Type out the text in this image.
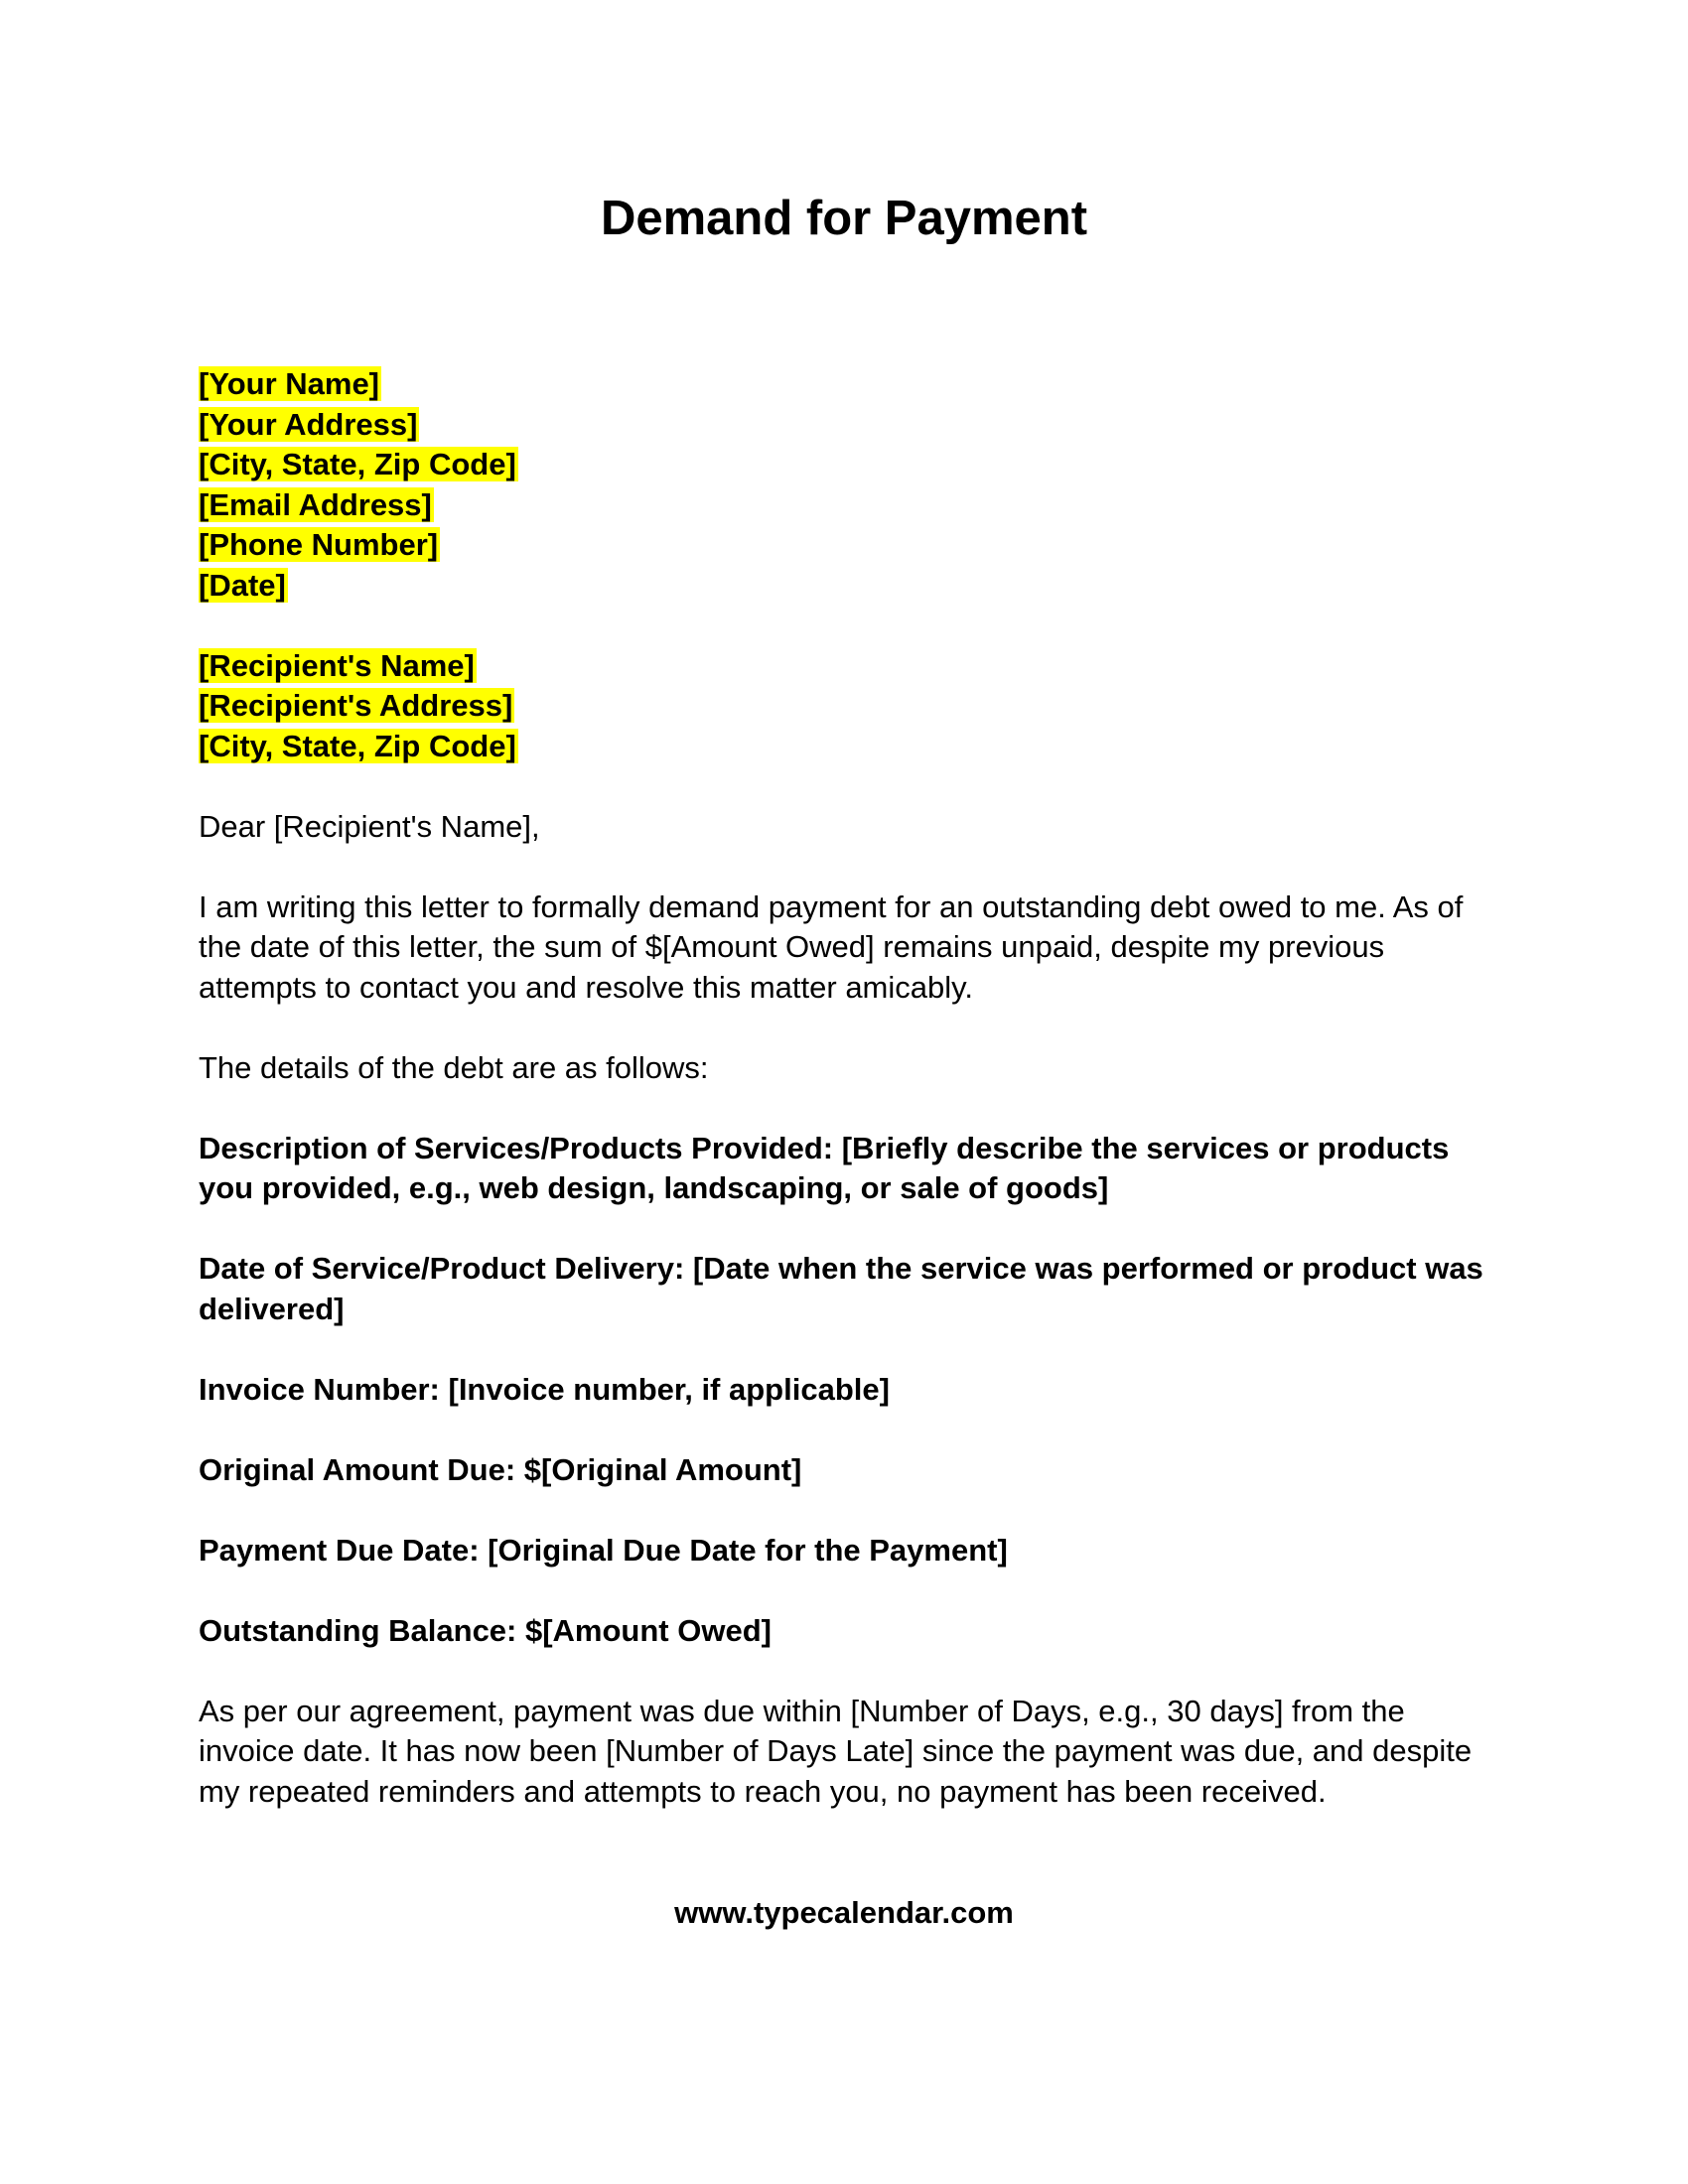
Demand for Payment
[Your Name]
[Your Address]
[City, State, Zip Code]
[Email Address]
[Phone Number]
[Date]
[Recipient's Name]
[Recipient's Address]
[City, State, Zip Code]

Dear [Recipient's Name],

I am writing this letter to formally demand payment for an outstanding debt owed to me. As of the date of this letter, the sum of $[Amount Owed] remains unpaid, despite my previous attempts to contact you and resolve this matter amicably.

The details of the debt are as follows:

Description of Services/Products Provided: [Briefly describe the services or products you provided, e.g., web design, landscaping, or sale of goods]

Date of Service/Product Delivery: [Date when the service was performed or product was delivered]

Invoice Number: [Invoice number, if applicable]

Original Amount Due: $[Original Amount]

Payment Due Date: [Original Due Date for the Payment]

Outstanding Balance: $[Amount Owed]

As per our agreement, payment was due within [Number of Days, e.g., 30 days] from the invoice date. It has now been [Number of Days Late] since the payment was due, and despite my repeated reminders and attempts to reach you, no payment has been received.

www.typecalendar.com
